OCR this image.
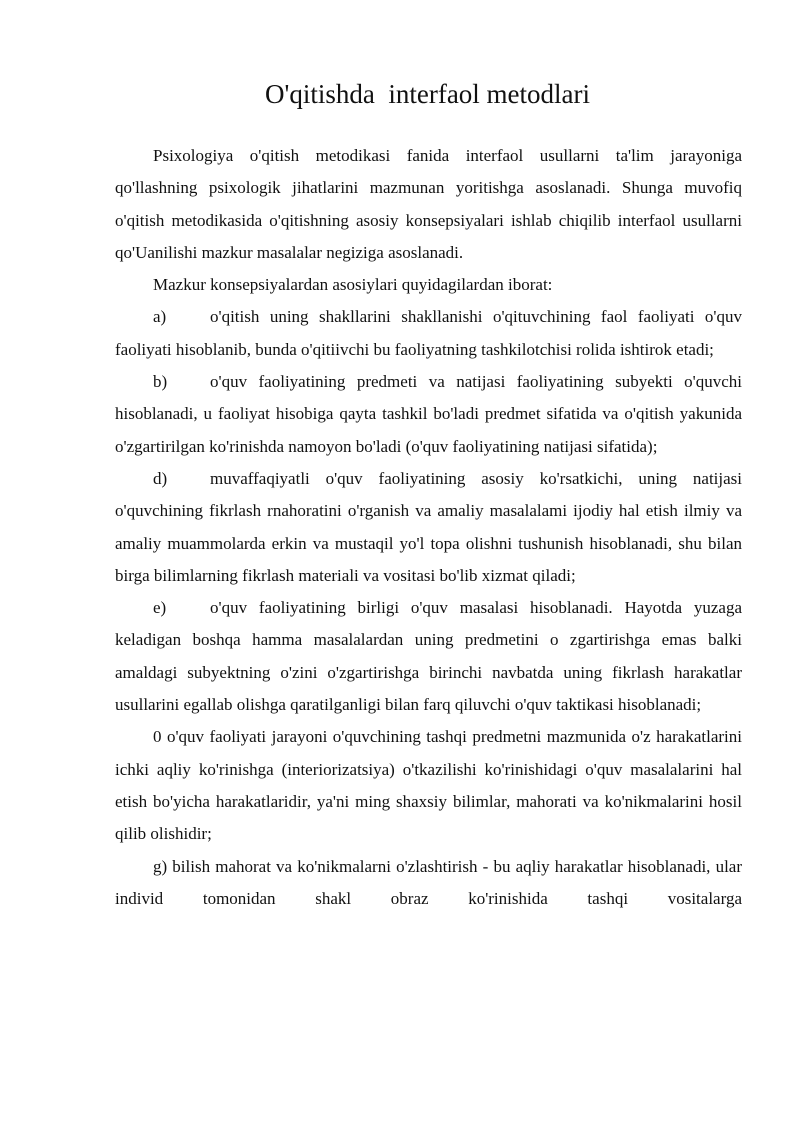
O'qitishda  interfaol metodlari

Psixologiya o'qitish metodikasi fanida interfaol usullarni ta'lim jarayoniga qo'llashning psixologik jihatlarini mazmunan yoritishga asoslanadi. Shunga muvofiq o'qitish metodikasida o'qitishning asosiy konsepsiyalari ishlab chiqilib interfaol usullarni qo'Uanilishi mazkur masalalar negiziga asoslanadi.

Mazkur konsepsiyalardan asosiylari quyidagilardan iborat:

a)	o'qitish uning shakllarini shakllanishi o'qituvchining faol faoliyati o'quv faoliyati hisoblanib, bunda o'qitiivchi bu faoliyatning tashkilotchisi rolida ishtirok etadi;

b)	o'quv faoliyatining predmeti va natijasi faoliyatining subyekti o'quvchi hisoblanadi, u faoliyat hisobiga qayta tashkil bo'ladi predmet sifatida va o'qitish yakunida o'zgartirilgan ko'rinishda namoyon bo'ladi (o'quv faoliyatining natijasi sifatida);

d)	muvaffaqiyatli o'quv faoliyatining asosiy ko'rsatkichi, uning natijasi o'quvchining fikrlash rnahoratini o'rganish va amaliy masalalami ijodiy hal etish ilmiy va amaliy muammolarda erkin va mustaqil yo'l topa olishni tushunish hisoblanadi, shu bilan birga bilimlarning fikrlash materiali va vositasi bo'lib xizmat qiladi;

e)	o'quv faoliyatining birligi o'quv masalasi hisoblanadi. Hayotda yuzaga keladigan boshqa hamma masalalardan uning predmetini o zgartirishga emas balki amaldagi subyektning o'zini o'zgartirishga birinchi navbatda uning fikrlash harakatlar usullarini egallab olishga qaratilganligi bilan farq qiluvchi o'quv taktikasi hisoblanadi;

0 o'quv faoliyati jarayoni o'quvchining tashqi predmetni mazmunida o'z harakatlarini ichki aqliy ko'rinishga (interiorizatsiya) o'tkazilishi ko'rinishidagi o'quv masalalarini hal etish bo'yicha harakatlaridir, ya'ni ming shaxsiy bilimlar, mahorati va ko'nikmalarini hosil qilib olishidir;

g) bilish mahorat va ko'nikmalarni o'zlashtirish - bu aqliy harakatlar hisoblanadi, ular individ tomonidan shakl obraz ko'rinishida tashqi vositalarga
